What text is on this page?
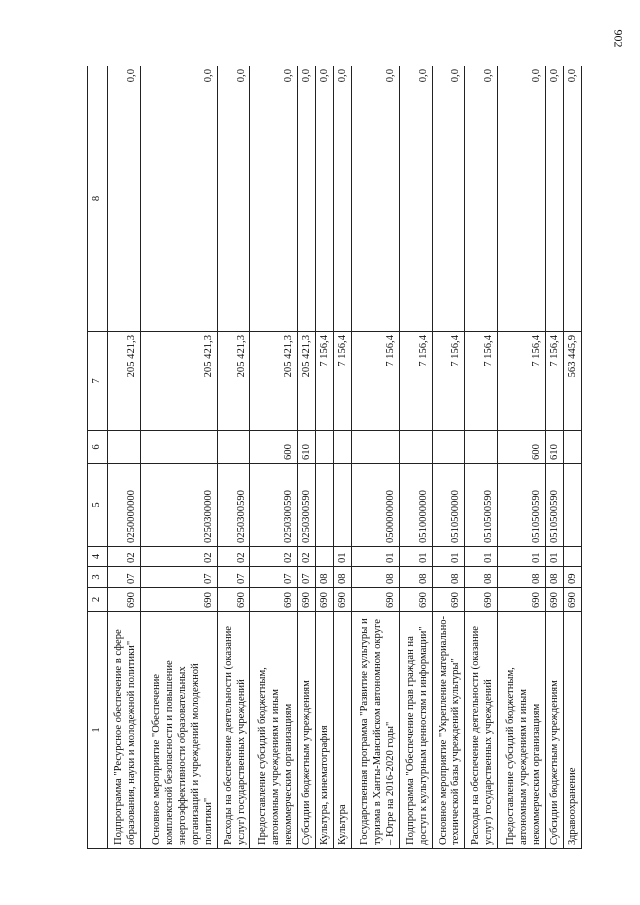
902
1	2	3	4	5	6	7	8
Подпрограмма "Ресурсное обеспечение в сфере образования, науки и молодежной политики"	690	07	02	0250000000		205 421,3	0,0
Основное мероприятие "Обеспечение комплексной безопасности и повышение энергоэффективности образовательных организаций и учреждений молодежной политики"	690	07	02	0250300000		205 421,3	0,0
Расходы на обеспечение деятельности (оказание услуг) государственных учреждений	690	07	02	0250300590		205 421,3	0,0
Предоставление субсидий бюджетным, автономным учреждениям и иным некоммерческим организациям	690	07	02	0250300590	600	205 421,3	0,0
Субсидии бюджетным учреждениям	690	07	02	0250300590	610	205 421,3	0,0
Культура, кинематография	690	08				7 156,4	0,0
Культура	690	08	01			7 156,4	0,0
Государственная программа "Развитие культуры и туризма в Ханты-Мансийском автономном округе – Югре на 2016-2020 годы"	690	08	01	0500000000		7 156,4	0,0
Подпрограмма "Обеспечение прав граждан на доступ к культурным ценностям и информации"	690	08	01	0510000000		7 156,4	0,0
Основное мероприятие "Укрепление материально-технической базы учреждений культуры"	690	08	01	0510500000		7 156,4	0,0
Расходы на обеспечение деятельности (оказание услуг) государственных учреждений	690	08	01	0510500590		7 156,4	0,0
Предоставление субсидий бюджетным, автономным учреждениям и иным некоммерческим организациям	690	08	01	0510500590	600	7 156,4	0,0
Субсидии бюджетным учреждениям	690	08	01	0510500590	610	7 156,4	0,0
Здравоохранение	690	09				563 445,9	0,0
